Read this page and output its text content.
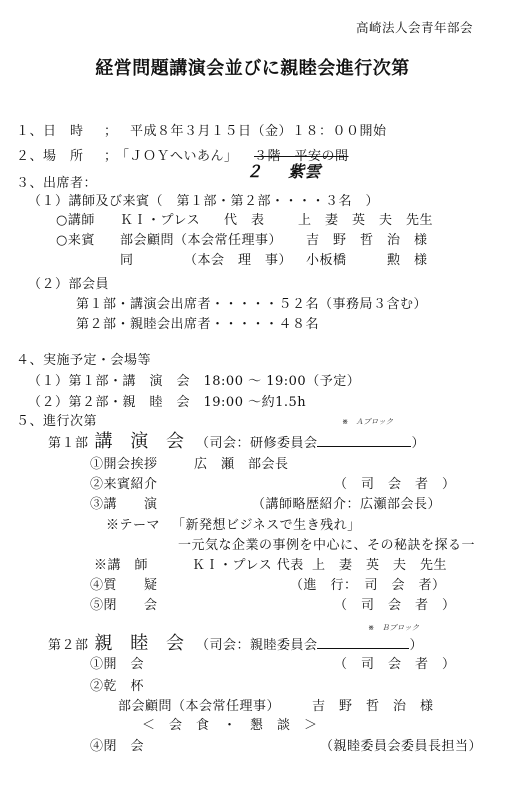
高崎法人会青年部会
経営問題講演会並びに親睦会進行次第
１、日　時 ； 平成８年３月１５日（金）１８：００開始
２、場　所 ；
「ＪＯＹへいあん」 ３階　平安の間
２ 紫雲
３、出席者：
（１）講師及び来賓（　第１部・第２部・・・・３名　）
○講師 ＫＩ・プレス 代　表	上　妻　英　夫　先生
○来賓 部会顧問（本会常任理事） 吉　野　哲　治　様
同	（本会　理　事） 小板橋　　　勲　様
（２）部会員
第１部・講演会出席者・・・・・５２名（事務局３含む）
第２部・親睦会出席者・・・・・４８名
４、実施予定・会場等
（１）第１部・講　演　会　18:00 ～ 19:00（予定）
（２）第２部・親　睦　会　19:00 ～約1.5h
５、進行次第	※　Ａブロック
第１部 講 演 会 （司会：研修委員会	）
①開会挨拶	広　瀬　部会長
②来賓紹介	（　司　会　者　）
③講　　演	（講師略歴紹介：広瀬部会長）
※テーマ 「新発想ビジネスで生き残れ」
一元気な企業の事例を中心に、その秘訣を探る一
※講　師	ＫＩ・プレス 代表 上　妻　英　夫　先生
④質　　疑	（進　行：　司　会　者）
⑤閉　　会	（　司　会　者　）
※　Ｂブロック
第２部 親 睦 会 （司会：親睦委員会	）
①開　会	（　司　会　者　）
②乾　杯
部会顧問（本会常任理事） 吉　野　哲　治　様
＜　会　食　・　懇　談　＞
④閉　会	（親睦委員会委員長担当）
